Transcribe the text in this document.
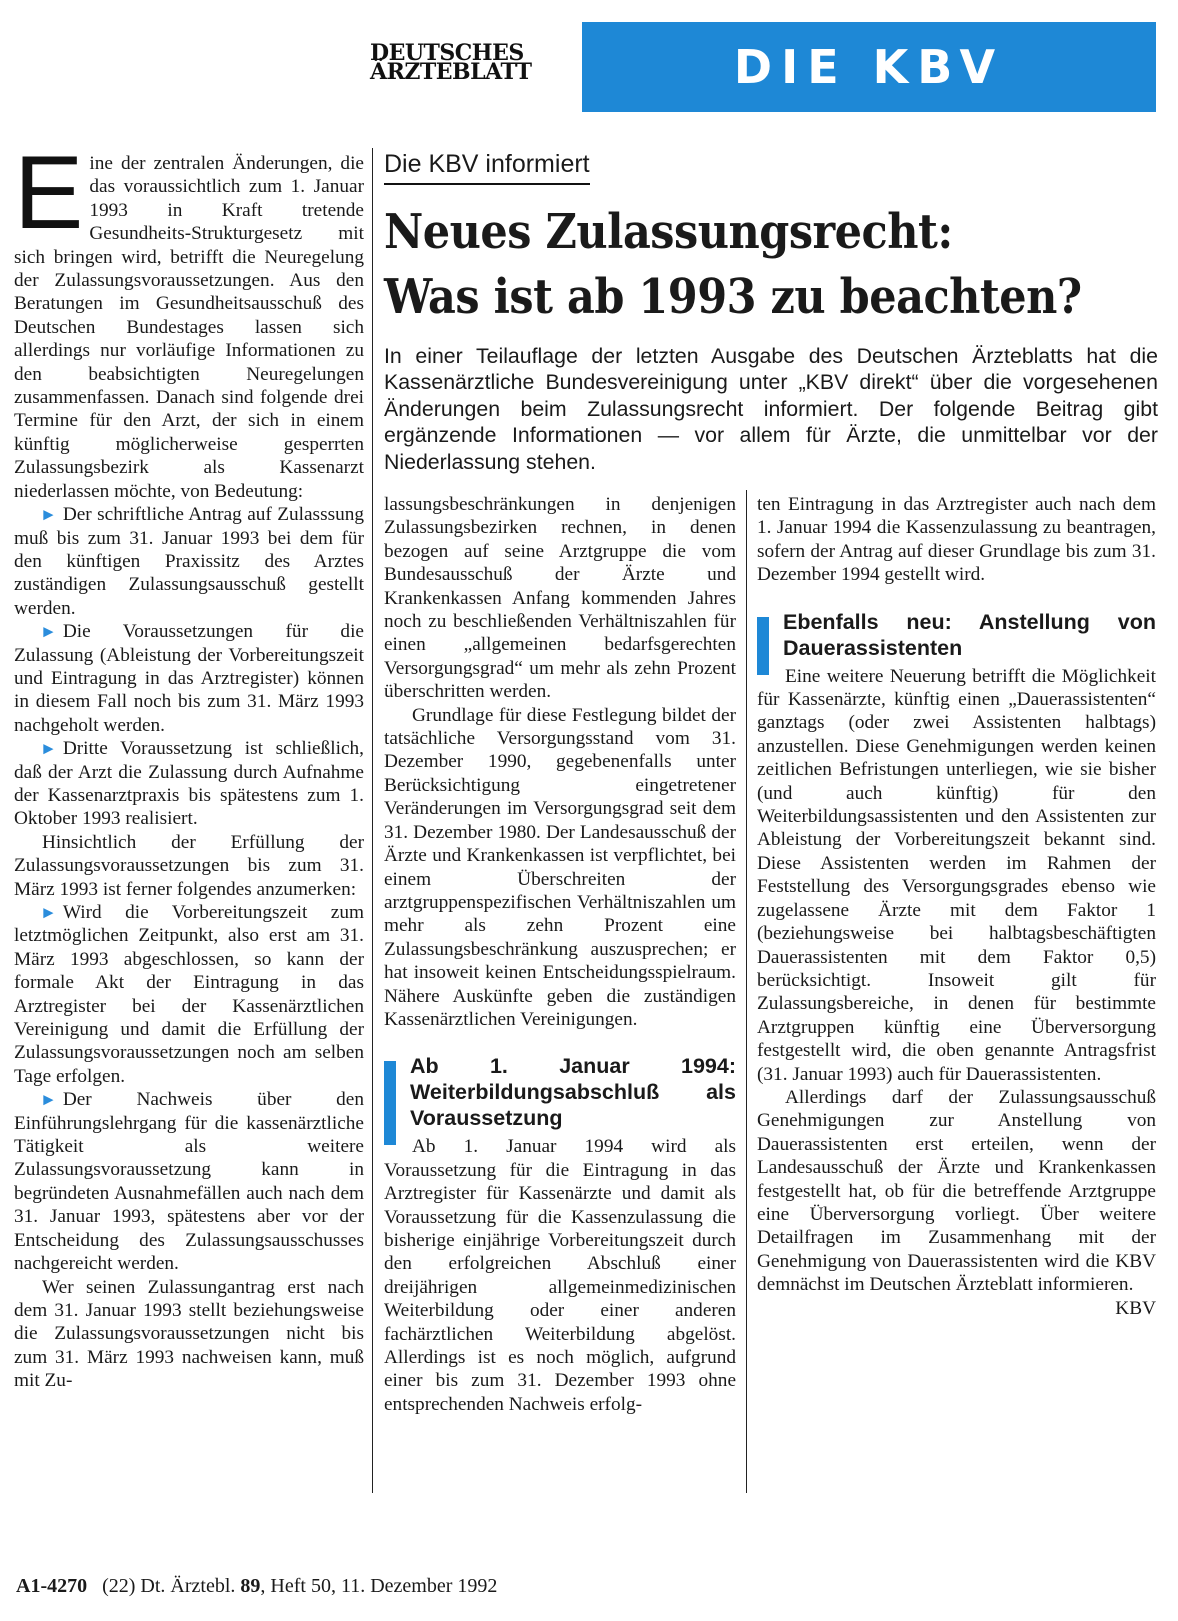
DEUTSCHES
ÄRZTEBLATT	DIE KBV INFORMIERT

Eine der zentralen Änderungen, die das voraussichtlich zum 1. Januar 1993 in Kraft tretende Gesundheits-Strukturgesetz mit sich bringen wird, betrifft die Neuregelung der Zulassungsvoraussetzungen. Aus den Beratungen im Gesundheitsausschuß des Deutschen Bundestages lassen sich allerdings nur vorläufige Informationen zu den beabsichtigten Neuregelungen zusammenfassen. Danach sind folgende drei Termine für den Arzt, der sich in einem künftig möglicherweise gesperrten Zulassungsbezirk als Kassenarzt niederlassen möchte, von Bedeutung:

► Der schriftliche Antrag auf Zulasssung muß bis zum 31. Januar 1993 bei dem für den künftigen Praxissitz des Arztes zuständigen Zulassungsausschuß gestellt werden.

► Die Voraussetzungen für die Zulassung (Ableistung der Vorbereitungszeit und Eintragung in das Arztregister) können in diesem Fall noch bis zum 31. März 1993 nachgeholt werden.

► Dritte Voraussetzung ist schließlich, daß der Arzt die Zulassung durch Aufnahme der Kassenarztpraxis bis spätestens zum 1. Oktober 1993 realisiert.

Hinsichtlich der Erfüllung der Zulassungsvoraussetzungen bis zum 31. März 1993 ist ferner folgendes anzumerken:

► Wird die Vorbereitungszeit zum letztmöglichen Zeitpunkt, also erst am 31. März 1993 abgeschlossen, so kann der formale Akt der Eintragung in das Arztregister bei der Kassenärztlichen Vereinigung und damit die Erfüllung der Zulassungsvoraussetzungen noch am selben Tage erfolgen.

► Der Nachweis über den Einführungslehrgang für die kassenärztliche Tätigkeit als weitere Zulassungsvoraussetzung kann in begründeten Ausnahmefällen auch nach dem 31. Januar 1993, spätestens aber vor der Entscheidung des Zulassungsausschusses nachgereicht werden.

Wer seinen Zulassungantrag erst nach dem 31. Januar 1993 stellt beziehungsweise die Zulassungsvoraussetzungen nicht bis zum 31. März 1993 nachweisen kann, muß mit Zu-

Die KBV informiert
Neues Zulassungsrecht:
Was ist ab 1993 zu beachten?

In einer Teilauflage der letzten Ausgabe des Deutschen Ärzteblatts hat die Kassenärztliche Bundesvereinigung unter „KBV direkt“ über die vorgesehenen Änderungen beim Zulassungsrecht informiert. Der folgende Beitrag gibt ergänzende Informationen — vor allem für Ärzte, die unmittelbar vor der Niederlassung stehen.

lassungsbeschränkungen in denjenigen Zulassungsbezirken rechnen, in denen bezogen auf seine Arztgruppe die vom Bundesausschuß der Ärzte und Krankenkassen Anfang kommenden Jahres noch zu beschließenden Verhältniszahlen für einen „allgemeinen bedarfsgerechten Versorgungsgrad“ um mehr als zehn Prozent überschritten werden.

Grundlage für diese Festlegung bildet der tatsächliche Versorgungsstand vom 31. Dezember 1990, gegebenenfalls unter Berücksichtigung eingetretener Veränderungen im Versorgungsgrad seit dem 31. Dezember 1980. Der Landesausschuß der Ärzte und Krankenkassen ist verpflichtet, bei einem Überschreiten der arztgruppenspezifischen Verhältniszahlen um mehr als zehn Prozent eine Zulassungsbeschränkung auszusprechen; er hat insoweit keinen Entscheidungsspielraum. Nähere Auskünfte geben die zuständigen Kassenärztlichen Vereinigungen.

Ab 1. Januar 1994: Weiterbildungsabschluß als Voraussetzung

Ab 1. Januar 1994 wird als Voraussetzung für die Eintragung in das Arztregister für Kassenärzte und damit als Voraussetzung für die Kassenzulassung die bisherige einjährige Vorbereitungszeit durch den erfolgreichen Abschluß einer dreijährigen allgemeinmedizinischen Weiterbildung oder einer anderen fachärztlichen Weiterbildung abgelöst. Allerdings ist es noch möglich, aufgrund einer bis zum 31. Dezember 1993 ohne entsprechenden Nachweis erfolg-

ten Eintragung in das Arztregister auch nach dem 1. Januar 1994 die Kassenzulassung zu beantragen, sofern der Antrag auf dieser Grundlage bis zum 31. Dezember 1994 gestellt wird.

Ebenfalls neu: Anstellung von Dauerassistenten

Eine weitere Neuerung betrifft die Möglichkeit für Kassenärzte, künftig einen „Dauerassistenten“ ganztags (oder zwei Assistenten halbtags) anzustellen. Diese Genehmigungen werden keinen zeitlichen Befristungen unterliegen, wie sie bisher (und auch künftig) für den Weiterbildungsassistenten und den Assistenten zur Ableistung der Vorbereitungszeit bekannt sind. Diese Assistenten werden im Rahmen der Feststellung des Versorgungsgrades ebenso wie zugelassene Ärzte mit dem Faktor 1 (beziehungsweise bei halbtagsbeschäftigten Dauerassistenten mit dem Faktor 0,5) berücksichtigt. Insoweit gilt für Zulassungsbereiche, in denen für bestimmte Arztgruppen künftig eine Überversorgung festgestellt wird, die oben genannte Antragsfrist (31. Januar 1993) auch für Dauerassistenten.

Allerdings darf der Zulassungsausschuß Genehmigungen zur Anstellung von Dauerassistenten erst erteilen, wenn der Landesausschuß der Ärzte und Krankenkassen festgestellt hat, ob für die betreffende Arztgruppe eine Überversorgung vorliegt. Über weitere Detailfragen im Zusammenhang mit der Genehmigung von Dauerassistenten wird die KBV demnächst im Deutschen Ärzteblatt informieren.
KBV

A1-4270 (22) Dt. Ärztebl. 89, Heft 50, 11. Dezember 1992
